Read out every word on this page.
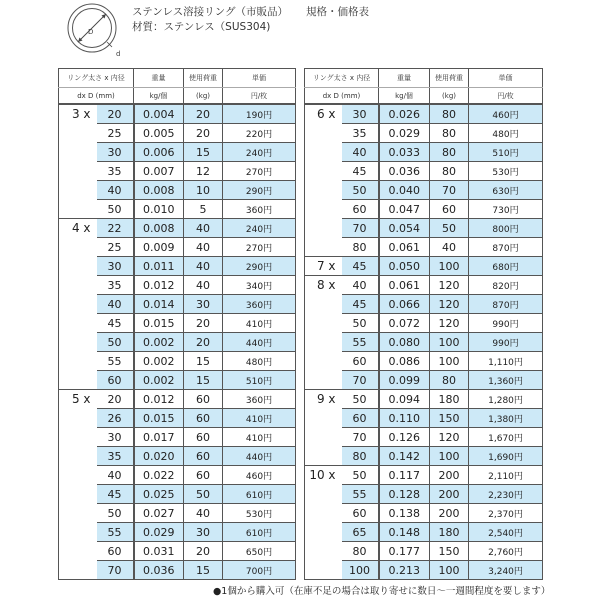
D
d
ステンレス溶接リング（市販品） 規格・価格表
材質：ステンレス（SUS304)
リング太さ x 内径		重量	使用荷重	単価
dx D (mm)		kg/個	(kg)	円/枚
3 x	20	0.004	20	190円
	25	0.005	20	220円
	30	0.006	15	240円
	35	0.007	12	270円
	40	0.008	10	290円
	50	0.010	5	360円
4 x	22	0.008	40	240円
	25	0.009	40	270円
	30	0.011	40	290円
	35	0.012	40	340円
	40	0.014	30	360円
	45	0.015	20	410円
	50	0.002	20	440円
	55	0.002	15	480円
	60	0.002	15	510円
5 x	20	0.012	60	360円
	26	0.015	60	410円
	30	0.017	60	410円
	35	0.020	60	440円
	40	0.022	60	460円
	45	0.025	50	610円
	50	0.027	40	530円
	55	0.029	30	610円
	60	0.031	20	650円
	70	0.036	15	700円
リング太さ x 内径		重量	使用荷重	単価
dx D (mm)		kg/個	(kg)	円/枚
6 x	30	0.026	80	460円
	35	0.029	80	480円
	40	0.033	80	510円
	45	0.036	80	530円
	50	0.040	70	630円
	60	0.047	60	730円
	70	0.054	50	800円
	80	0.061	40	870円
7 x	45	0.050	100	680円
8 x	40	0.061	120	820円
	45	0.066	120	870円
	50	0.072	120	990円
	55	0.080	100	990円
	60	0.086	100	1,110円
	70	0.099	80	1,360円
9 x	50	0.094	180	1,280円
	60	0.110	150	1,380円
	70	0.126	120	1,670円
	80	0.142	100	1,690円
10 x	50	0.117	200	2,110円
	55	0.128	200	2,230円
	60	0.138	200	2,370円
	65	0.148	180	2,540円
	80	0.177	150	2,760円
	100	0.213	100	3,240円
●1個から購入可（在庫不足の場合は取り寄せに数日～一週間程度を要します）
